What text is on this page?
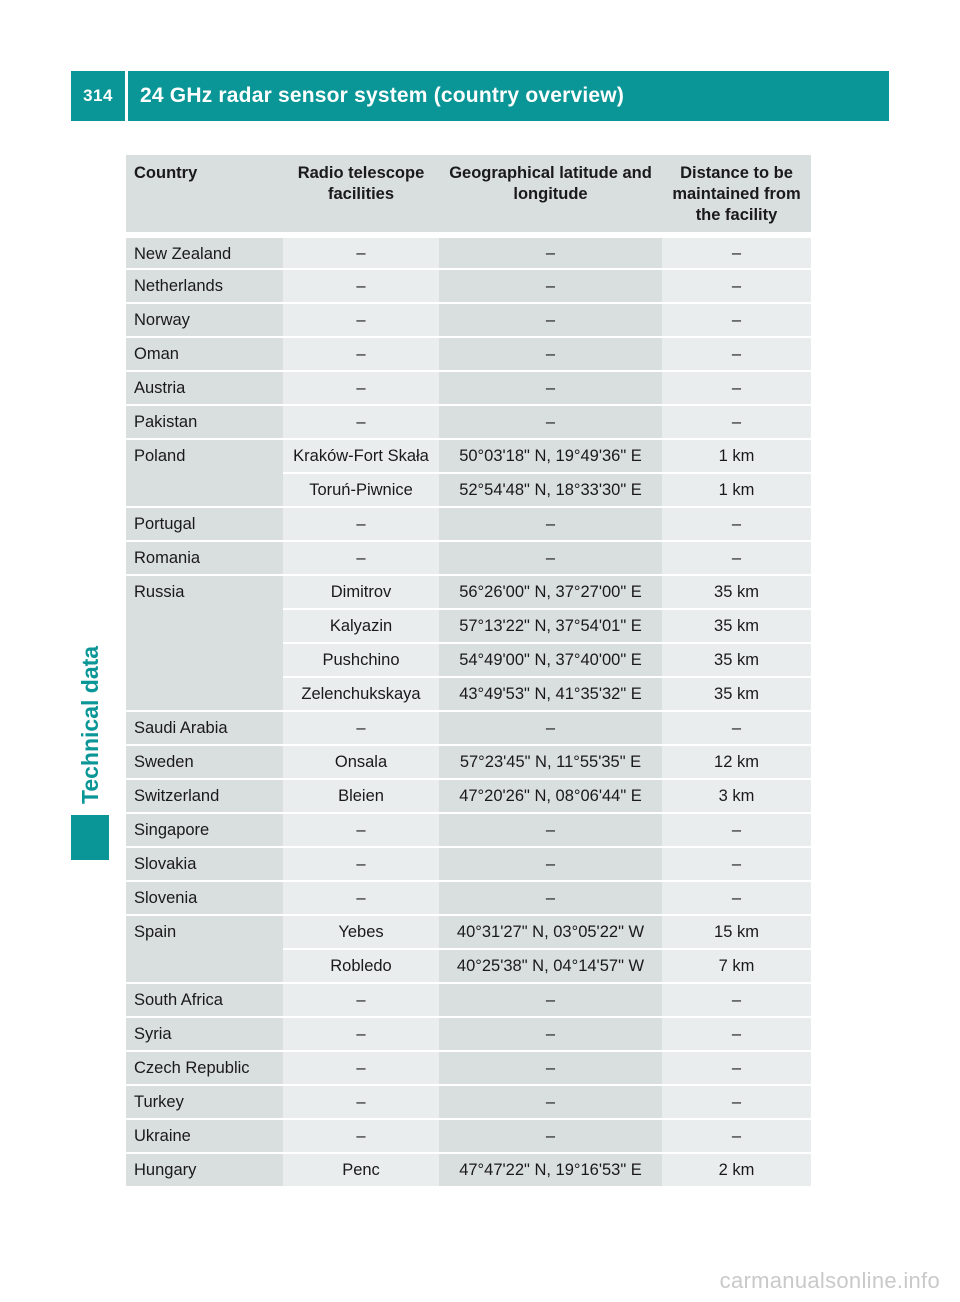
314	24 GHz radar sensor system (country overview)
Technical data
Country	Radio telescope facilities	Geographical latitude and longitude	Distance to be maintained from the facility
New Zealand	–	–	–
Netherlands	–	–	–
Norway	–	–	–
Oman	–	–	–
Austria	–	–	–
Pakistan	–	–	–
Poland	Kraków-Fort Skała	50°03'18" N, 19°49'36" E	1 km
	Toruń-Piwnice	52°54'48" N, 18°33'30" E	1 km
Portugal	–	–	–
Romania	–	–	–
Russia	Dimitrov	56°26'00" N, 37°27'00" E	35 km
	Kalyazin	57°13'22" N, 37°54'01" E	35 km
	Pushchino	54°49'00" N, 37°40'00" E	35 km
	Zelenchukskaya	43°49'53" N, 41°35'32" E	35 km
Saudi Arabia	–	–	–
Sweden	Onsala	57°23'45" N, 11°55'35" E	12 km
Switzerland	Bleien	47°20'26" N, 08°06'44" E	3 km
Singapore	–	–	–
Slovakia	–	–	–
Slovenia	–	–	–
Spain	Yebes	40°31'27" N, 03°05'22" W	15 km
	Robledo	40°25'38" N, 04°14'57" W	7 km
South Africa	–	–	–
Syria	–	–	–
Czech Republic	–	–	–
Turkey	–	–	–
Ukraine	–	–	–
Hungary	Penc	47°47'22" N, 19°16'53" E	2 km
carmanualsonline.info
